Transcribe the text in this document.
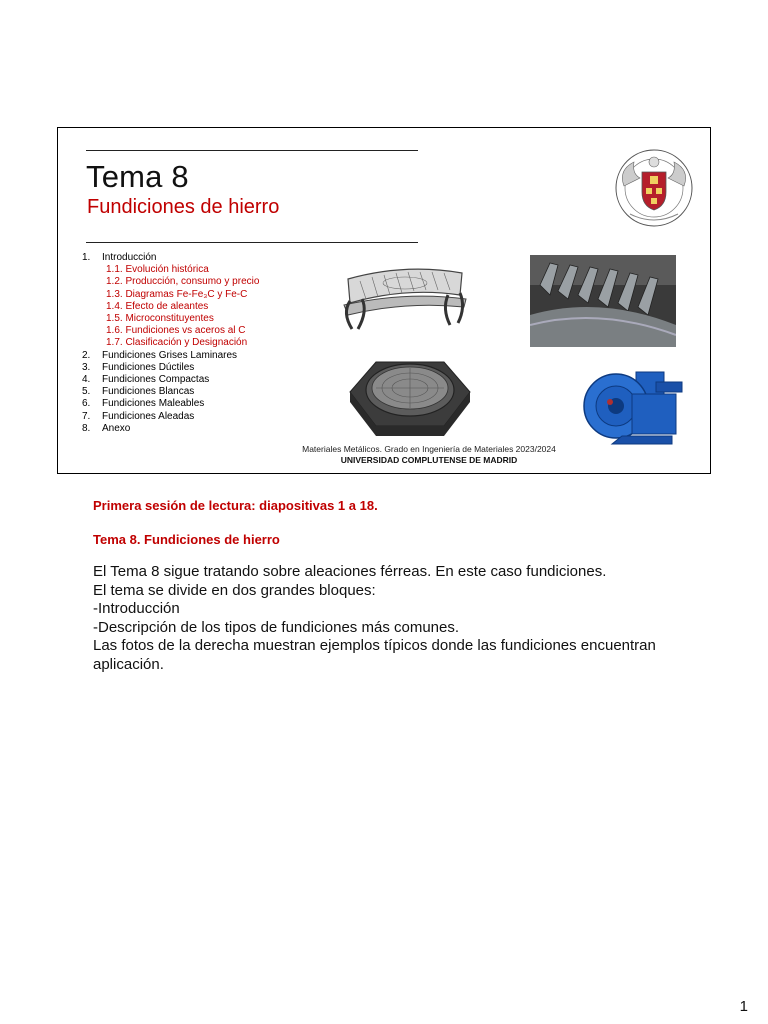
Tema 8
Fundiciones de hierro
1. Introducción
1.1. Evolución histórica
1.2. Producción, consumo y precio
1.3. Diagramas Fe-Fe₃C y Fe-C
1.4. Efecto de aleantes
1.5. Microconstituyentes
1.6. Fundiciones vs aceros al C
1.7. Clasificación y Designación
2. Fundiciones Grises Laminares
3. Fundiciones Dúctiles
4. Fundiciones Compactas
5. Fundiciones Blancas
6. Fundiciones Maleables
7. Fundiciones Aleadas
8. Anexo
Materiales Metálicos. Grado en Ingeniería de Materiales 2023/2024
UNIVERSIDAD COMPLUTENSE DE MADRID
Primera sesión de lectura: diapositivas 1 a 18.
Tema 8. Fundiciones de hierro
El Tema 8 sigue tratando sobre aleaciones férreas. En este caso fundiciones.
El tema se divide en dos grandes bloques:
-Introducción
-Descripción de los tipos de fundiciones más comunes.
Las fotos de la derecha muestran ejemplos típicos donde las fundiciones encuentran aplicación.
1
